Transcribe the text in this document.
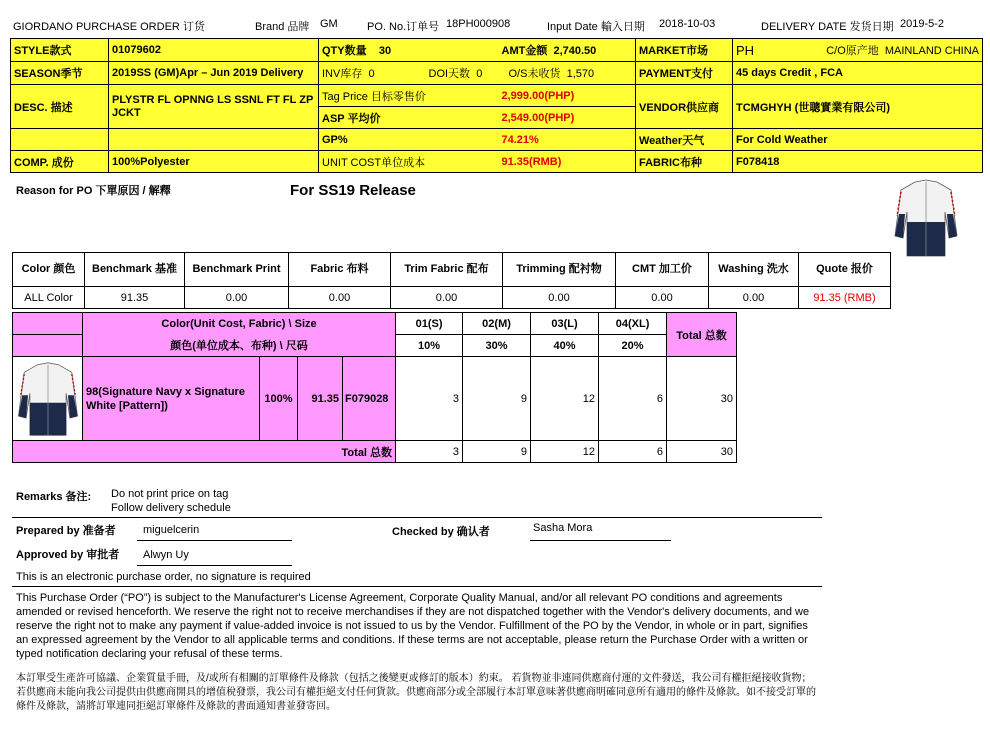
GIORDANO PURCHASE ORDER 订货	Brand 品牌 GM	PO. No.订单号 18PH000908	Input Date 輸入日期 2018-10-03	DELIVERY DATE 发货日期 2019-5-2
STYLE款式	01079602	QTY数量 30		AMT金额 2,740.50	MARKET市场	PH	C/O原产地 MAINLAND CHINA
SEASON季节	2019SS (GM)Apr – Jun 2019 Delivery	INV库存 0	DOI天数 0	O/S未收货 1,570	PAYMENT支付	45 days Credit , FCA	
DESC. 描述	PLYSTR FL OPNNG LS SSNL FT FL ZP JCKT	Tag Price 目标零售价		2,999.00(PHP)	VENDOR供应商	TCMGHYH (世聰實業有限公司)	
		ASP 平均价		2,549.00(PHP)			
		GP%		74.21%	Weather天气	For Cold Weather	
COMP. 成份	100%Polyester	UNIT COST单位成本		91.35(RMB)	FABRIC布种	F078418	
Reason for PO 下單原因 / 解釋	For SS19 Release
Color 颜色	Benchmark 基准	Benchmark Print	Fabric 布料	Trim Fabric 配布	Trimming 配衬物	CMT 加工价	Washing 洗水	Quote 报价
ALL Color	91.35	0.00	0.00	0.00	0.00	0.00	0.00	91.35 (RMB)
	Color(Unit Cost, Fabric) \ Size				01(S)	02(M)	03(L)	04(XL)	Total 总数
	颜色(单位成本、布种) \ 尺码				10%	30%	40%	20%	

	98(Signature Navy x Signature White [Pattern])	100%	91.35	F079028	3	9	12	6	30
Total 总数					3	9	12	6	30
Remarks 备注: Do not print price on tag
Follow delivery schedule
Prepared by 准备者 miguelcerin	Checked by 确认者	Sasha Mora
Approved by 审批者 Alwyn Uy
This is an electronic purchase order, no signature is required
This Purchase Order (“PO”) is subject to the Manufacturer's License Agreement, Corporate Quality Manual, and/or all relevant PO conditions and agreements amended or revised henceforth. We reserve the right not to receive merchandises if they are not dispatched together with the Vendor's delivery documents, and we reserve the right not to make any payment if value-added invoice is not issued to us by the Vendor. Fulfillment of the PO by the Vendor, in whole or in part, signifies an expressed agreement by the Vendor to all applicable terms and conditions. If these terms are not acceptable, please return the Purchase Order with a written or typed notification declaring your refusal of these terms.
本訂單受生產許可協議、企業質量手冊，及/或所有相關的訂單條件及條款（包括之後變更或修訂的版本）約束。 若貨物並非連同供應商付運的文件發送，我公司有權拒絕接收貨物；若供應商未能向我公司提供由供應商開具的增值稅發票，我公司有權拒絕支付任何貨款。供應商部分或全部履行本訂單意味著供應商明確同意所有適用的條件及條款。如不接受訂單的條件及條款，請將訂單連同拒絕訂單條件及條款的書面通知書並發寄回。
